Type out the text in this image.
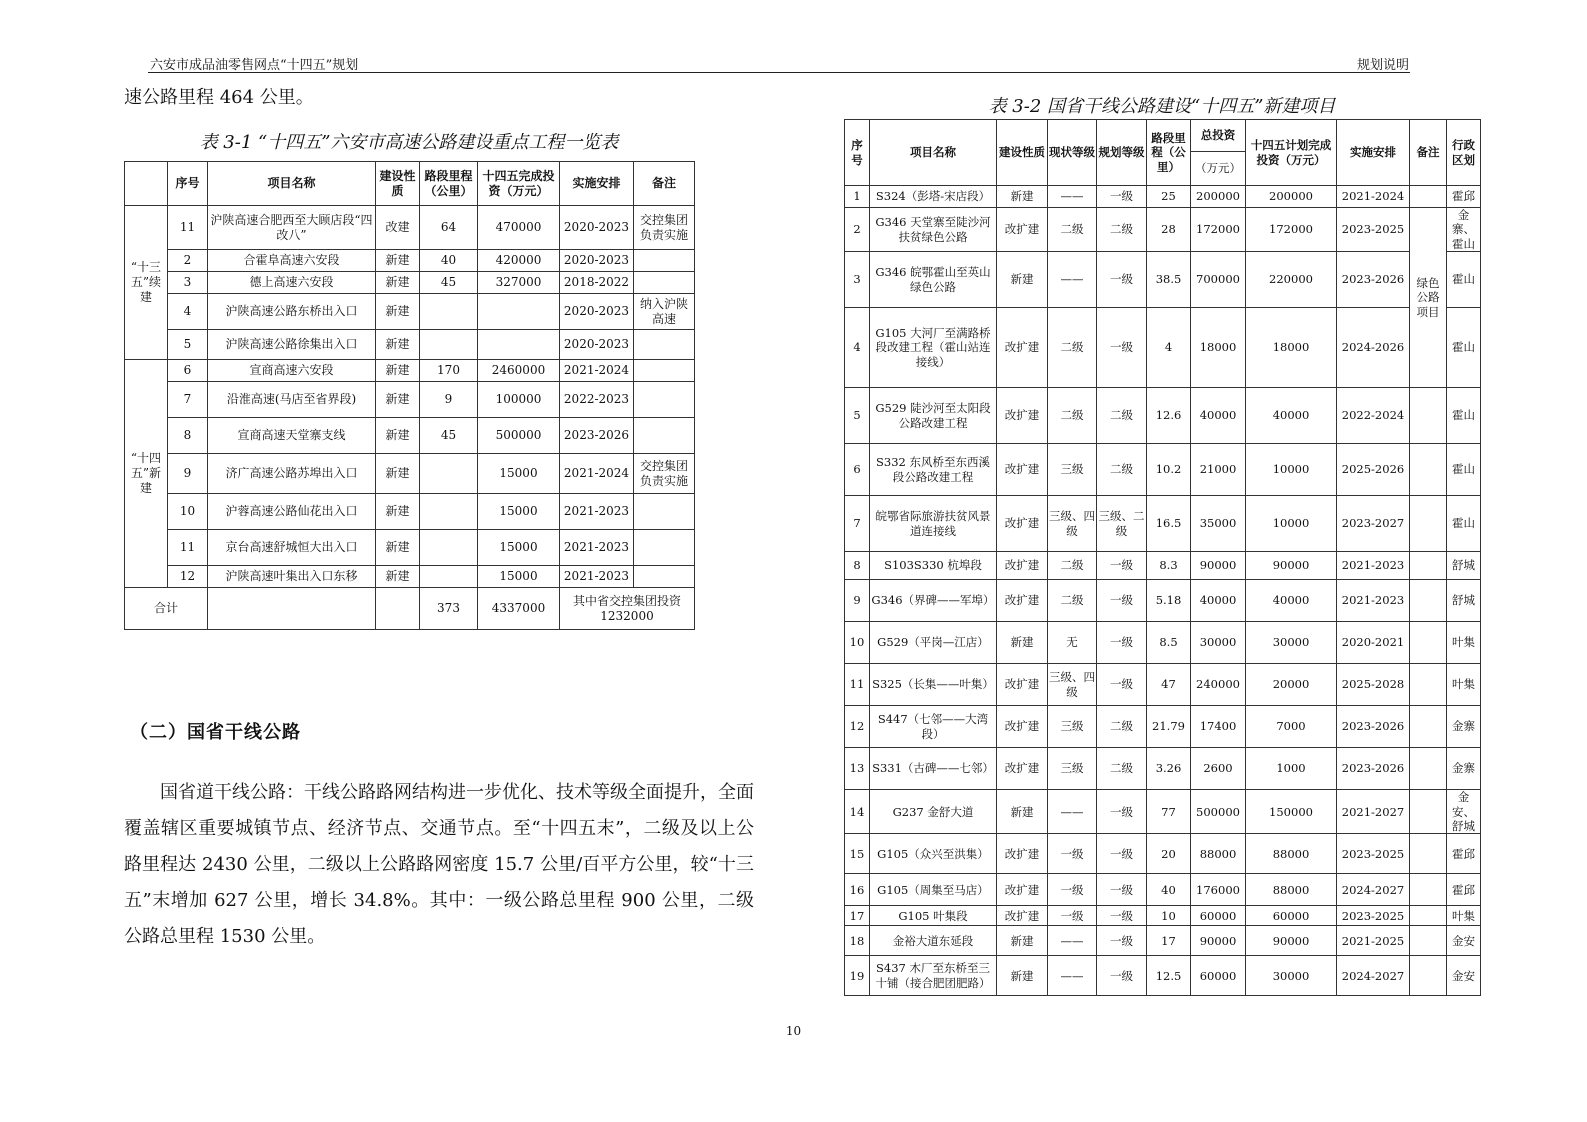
六安市成品油零售网点“十四五”规划	规划说明
速公路里程 464 公里。
表 3-1 “十四五”六安市高速公路建设重点工程一览表
	序号	项目名称	建设性质	路段里程（公里）	十四五完成投资（万元）	实施安排	备注
“十三五”续建	11	沪陕高速合肥西至大顾店段“四改八”	改建	64	470000	2020-2023	交控集团负责实施
	2	合霍阜高速六安段	新建	40	420000	2020-2023	
	3	德上高速六安段	新建	45	327000	2018-2022	
	4	沪陕高速公路东桥出入口	新建			2020-2023	纳入沪陕高速
	5	沪陕高速公路徐集出入口	新建			2020-2023	
“十四五”新建	6	宣商高速六安段	新建	170	2460000	2021-2024	
	7	沿淮高速(马店至省界段)	新建	9	100000	2022-2023	
	8	宣商高速天堂寨支线	新建	45	500000	2023-2026	
	9	济广高速公路苏埠出入口	新建		15000	2021-2024	交控集团负责实施
	10	沪蓉高速公路仙花出入口	新建		15000	2021-2023	
	11	京台高速舒城恒大出入口	新建		15000	2021-2023	
	12	沪陕高速叶集出入口东移	新建		15000	2021-2023	
合计				373	4337000	其中省交控集团投资1232000	
（二）国省干线公路
国省道干线公路：干线公路路网结构进一步优化、技术等级全面提升，全面覆盖辖区重要城镇节点、经济节点、交通节点。至“十四五末”，二级及以上公路里程达 2430 公里，二级以上公路路网密度 15.7 公里/百平方公里，较“十三五”末增加 627 公里，增长 34.8%。其中：一级公路总里程 900 公里，二级公路总里程 1530 公里。
表 3-2 国省干线公路建设“十四五”新建项目
序号	项目名称	建设性质	现状等级	规划等级	路段里程（公里）	总投资	十四五计划完成投资（万元）	实施安排	备注	行政区划
						（万元）				
1	S324（彭塔-宋店段）	新建	——	一级	25	200000	200000	2021-2024		霍邱
2	G346 天堂寨至陡沙河扶贫绿色公路	改扩建	二级	二级	28	172000	172000	2023-2025	绿色公路项目	金寨、霍山
3	G346 皖鄂霍山至英山绿色公路	新建	——	一级	38.5	700000	220000	2023-2026		霍山
4	G105 大河厂至满路桥段改建工程（霍山站连接线）	改扩建	二级	一级	4	18000	18000	2024-2026		霍山
5	G529 陡沙河至太阳段公路改建工程	改扩建	二级	二级	12.6	40000	40000	2022-2024		霍山
6	S332 东风桥至东西溪段公路改建工程	改扩建	三级	二级	10.2	21000	10000	2025-2026		霍山
7	皖鄂省际旅游扶贫风景道连接线	改扩建	三级、四级	三级、二级	16.5	35000	10000	2023-2027		霍山
8	S103S330 杭埠段	改扩建	二级	一级	8.3	90000	90000	2021-2023		舒城
9	G346（界碑——军埠）	改扩建	二级	一级	5.18	40000	40000	2021-2023		舒城
10	G529（平岗—江店）	新建	无	一级	8.5	30000	30000	2020-2021		叶集
11	S325（长集——叶集）	改扩建	三级、四级	一级	47	240000	20000	2025-2028		叶集
12	S447（七邻——大湾段）	改扩建	三级	二级	21.79	17400	7000	2023-2026		金寨
13	S331（古碑——七邻）	改扩建	三级	二级	3.26	2600	1000	2023-2026		金寨
14	G237 金舒大道	新建	——	一级	77	500000	150000	2021-2027		金安、舒城
15	G105（众兴至洪集）	改扩建	一级	一级	20	88000	88000	2023-2025		霍邱
16	G105（周集至马店）	改扩建	一级	一级	40	176000	88000	2024-2027		霍邱
17	G105 叶集段	改扩建	一级	一级	10	60000	60000	2023-2025		叶集
18	金裕大道东延段	新建	——	一级	17	90000	90000	2021-2025		金安
19	S437 木厂至东桥至三十铺（接合肥团肥路）	新建	——	一级	12.5	60000	30000	2024-2027		金安
10
